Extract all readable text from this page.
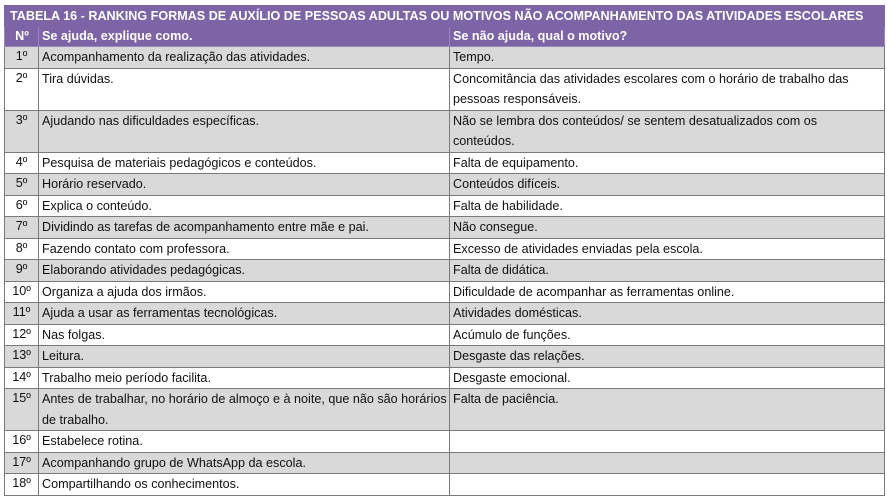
TABELA 16 - RANKING FORMAS DE AUXÍLIO DE PESSOAS ADULTAS OU MOTIVOS NÃO ACOMPANHAMENTO DAS ATIVIDADES ESCOLARES		
Nº	Se ajuda, explique como.	Se não ajuda, qual o motivo?
1º	Acompanhamento da realização das atividades.	Tempo.
2º	Tira dúvidas.	Concomitância das atividades escolares com o horário de trabalho das pessoas responsáveis.
3º	Ajudando nas dificuldades específicas.	Não se lembra dos conteúdos/ se sentem desatualizados com os conteúdos.
4º	Pesquisa de materiais pedagógicos e conteúdos.	Falta de equipamento.
5º	Horário reservado.	Conteúdos difíceis.
6º	Explica o conteúdo.	Falta de habilidade.
7º	Dividindo as tarefas de acompanhamento entre mãe e pai.	Não consegue.
8º	Fazendo contato com professora.	Excesso de atividades enviadas pela escola.
9º	Elaborando atividades pedagógicas.	Falta de didática.
10º	Organiza a ajuda dos irmãos.	Dificuldade de acompanhar as ferramentas online.
11º	Ajuda a usar as ferramentas tecnológicas.	Atividades domésticas.
12º	Nas folgas.	Acúmulo de funções.
13º	Leitura.	Desgaste das relações.
14º	Trabalho meio período facilita.	Desgaste emocional.
15º	Antes de trabalhar, no horário de almoço e à noite, que não são horários de trabalho.	Falta de paciência.
16º	Estabelece rotina.	
17º	Acompanhando grupo de WhatsApp da escola.	
18º	Compartilhando os conhecimentos.	
